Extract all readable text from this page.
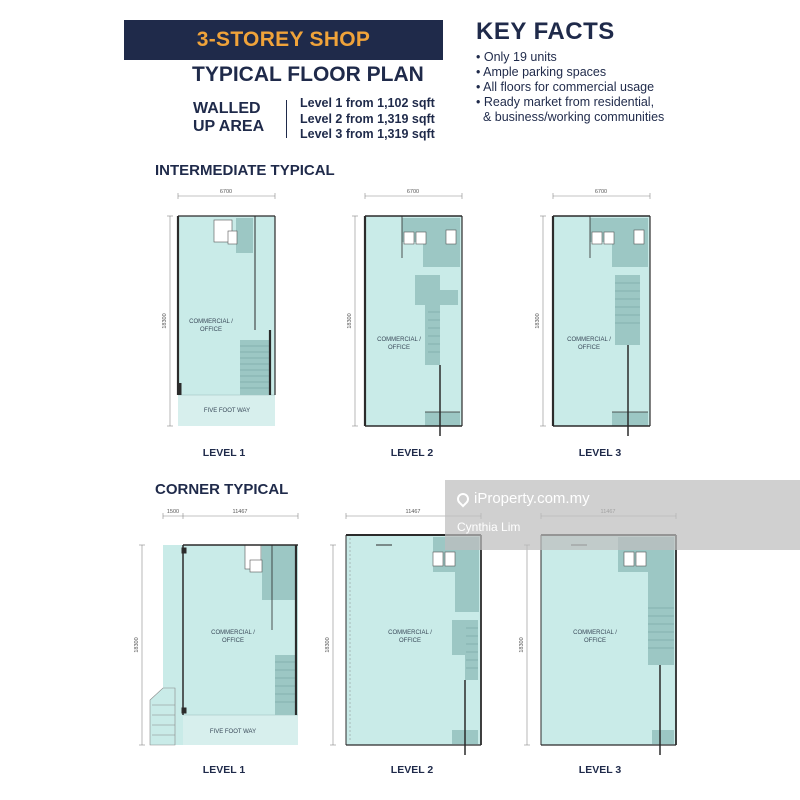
3-STOREY SHOP
TYPICAL FLOOR PLAN
WALLED
UP AREA
Level 1 from 1,102 sqft
Level 2 from 1,319 sqft
Level 3 from 1,319 sqft
KEY FACTS
• Only 19 units
• Ample parking spaces
• All floors for commercial usage
• Ready market from residential,
& business/working communities
INTERMEDIATE TYPICAL
CORNER TYPICAL
6700	6700	6700
18300	18300	18300
1500	11467	11467
18300	18300	18300
COMMERCIAL /
OFFICE
FIVE FOOT WAY
COMMERCIAL /
OFFICE
COMMERCIAL /
OFFICE
COMMERCIAL /
OFFICE
FIVE FOOT WAY
COMMERCIAL /
OFFICE
COMMERCIAL /
OFFICE
LEVEL 1	LEVEL 2	LEVEL 3
LEVEL 1	LEVEL 2	LEVEL 3
iProperty.com.my
Cynthia Lim
